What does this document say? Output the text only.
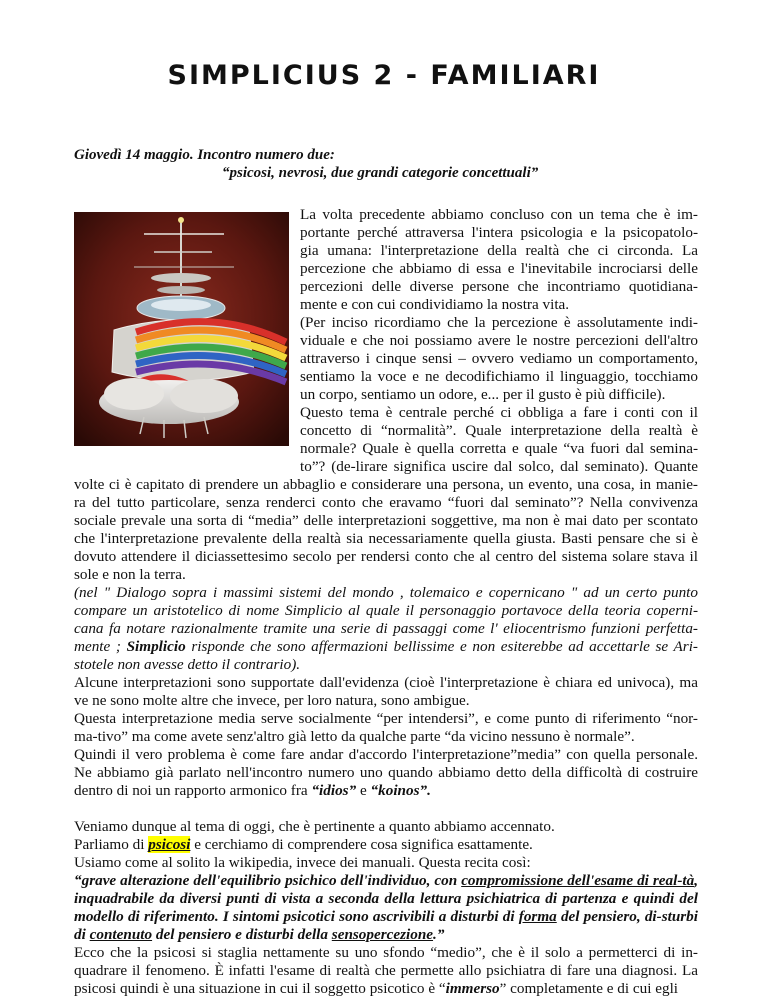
SIMPLICIUS 2 - FAMILIARI
Giovedì 14 maggio. Incontro numero due:
“psicosi, nevrosi, due grandi categorie concettuali”
La volta precedente abbiamo concluso con un tema che è im-
portante perché attraversa l'intera psicologia e la psicopatolo-
gia umana: l'interpretazione della realtà che ci circonda. La
percezione che abbiamo di essa e l'inevitabile incrociarsi delle
percezioni delle diverse persone che incontriamo quotidiana-
mente e con cui condividiamo la nostra vita.
(Per inciso ricordiamo che la percezione è assolutamente indi-
viduale e che noi possiamo avere le nostre percezioni dell'altro
attraverso i cinque sensi – ovvero vediamo un comportamento,
sentiamo la voce e ne decodifichiamo il linguaggio, tocchiamo
un corpo, sentiamo un odore, e... per il gusto è più difficile).
Questo tema è centrale perché ci obbliga a fare i conti con il
concetto di “normalità”. Quale interpretazione della realtà è
normale? Quale è quella corretta e quale “va fuori dal semina-
to”? (de-lirare significa uscire dal solco, dal seminato). Quante
volte ci è capitato di prendere un abbaglio e considerare una persona, un evento, una cosa, in manie-
ra del tutto particolare, senza renderci conto che eravamo “fuori dal seminato”? Nella convivenza
sociale prevale una sorta di “media” delle interpretazioni soggettive, ma non è mai dato per scontato
che l'interpretazione prevalente della realtà sia necessariamente quella giusta. Basti pensare che si è
dovuto attendere il diciassettesimo secolo per rendersi conto che al centro del sistema solare stava il
sole e non la terra.
(nel " Dialogo sopra i massimi sistemi del mondo , tolemaico e copernicano " ad un certo punto compare un aristotelico di nome Simplicio al quale il personaggio portavoce della teoria coperni-cana fa notare razionalmente tramite una serie di passaggi come l' eliocentrismo funzioni perfetta-mente ; Simplicio risponde che sono affermazioni bellissime e non esiterebbe ad accettarle se Ari-stotele non avesse detto il contrario).
Alcune interpretazioni sono supportate dall'evidenza (cioè l'interpretazione è chiara ed univoca), ma ve ne sono molte altre che invece, per loro natura, sono ambigue.
Questa interpretazione media serve socialmente “per intendersi”, e come punto di riferimento “nor-ma-tivo” ma come avete senz'altro già letto da qualche parte “da vicino nessuno è normale”.
Quindi il vero problema è come fare andar d'accordo l'interpretazione”media” con quella personale. Ne abbiamo già parlato nell'incontro numero uno quando abbiamo detto della difficoltà di costruire dentro di noi un rapporto armonico fra “idios” e “koinos”.
Veniamo dunque al tema di oggi, che è pertinente a quanto abbiamo accennato.
Parliamo di psicosi e cerchiamo di comprendere cosa significa esattamente.
Usiamo come al solito la wikipedia, invece dei manuali. Questa recita così:
“grave alterazione dell'equilibrio psichico dell'individuo, con compromissione dell'esame di real-tà, inquadrabile da diversi punti di vista a seconda della lettura psichiatrica di partenza e quindi del modello di riferimento. I sintomi psicotici sono ascrivibili a disturbi di forma del pensiero, di-sturbi di contenuto del pensiero e disturbi della sensopercezione.”
Ecco che la psicosi si staglia nettamente su uno sfondo “medio”, che è il solo a permetterci di in-quadrare il fenomeno. È infatti l'esame di realtà che permette allo psichiatra di fare una diagnosi. La psicosi quindi è una situazione in cui il soggetto psicotico è “immerso” completamente e di cui egli
